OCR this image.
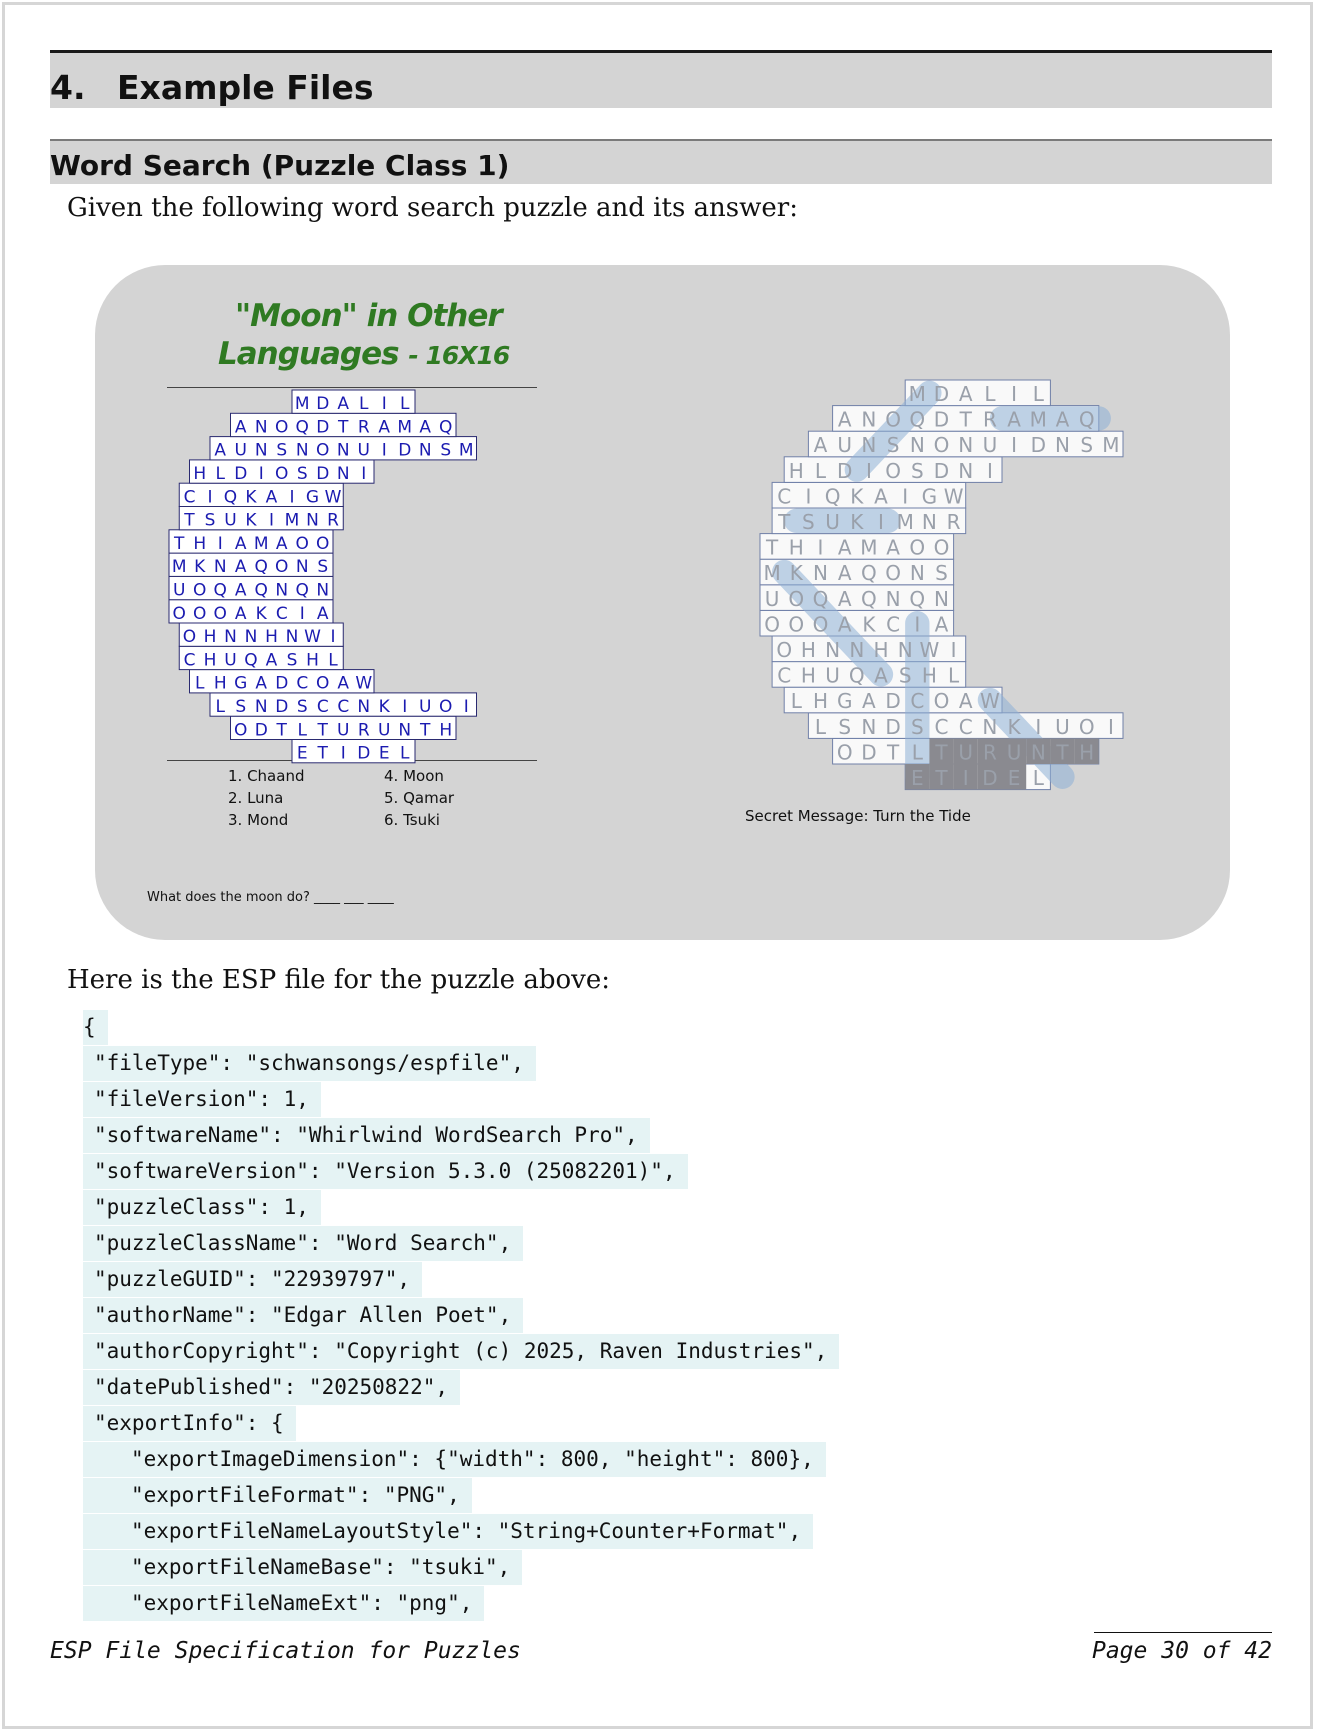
4. Example Files
Word Search (Puzzle Class 1)
Given the following word search puzzle and its answer:
"Moon" in Other
Languages - 16X16
M D A L I L
A N O Q D T R A M A Q
A U N S N O N U I D N S M
H L D I O S D N I
C I Q K A I G W
T S U K I M N R
T H I A M A O O
M K N A Q O N S
U O Q A Q N Q N
O O O A K C I A
O H N N H N W I
C H U Q A S H L
L H G A D C O A W
L S N D S C C N K I U O I
O D T L T U R U N T H
E T I D E L
M D A L I L
A N O Q D T R A M A Q
A U N S N O N U I D N S M
H L D I O S D N I
C I Q K A I G W
T S U K I M N R
T H I A M A O O
M K N A Q O N S
U O Q A Q N Q N
O O O A K C I A
O H N N H N W I
C H U Q A S H L
L H G A D C O A W
L S N D S C C N K I U O I
O D T L T U R U N T H
E T I D E L
1. Chaand
2. Luna
3. Mond
4. Moon
5. Qamar
6. Tsuki
What does the moon do? ____ ___ ____
Secret Message: Turn the Tide
Here is the ESP file for the puzzle above:
{
"fileType": "schwansongs/espfile",
"fileVersion": 1,
"softwareName": "Whirlwind WordSearch Pro",
"softwareVersion": "Version 5.3.0 (25082201)",
"puzzleClass": 1,
"puzzleClassName": "Word Search",
"puzzleGUID": "22939797",
"authorName": "Edgar Allen Poet",
"authorCopyright": "Copyright (c) 2025, Raven Industries",
"datePublished": "20250822",
"exportInfo": {
"exportImageDimension": {"width": 800, "height": 800},
"exportFileFormat": "PNG",
"exportFileNameLayoutStyle": "String+Counter+Format",
"exportFileNameBase": "tsuki",
"exportFileNameExt": "png",
ESP File Specification for Puzzles	Page 30 of 42
